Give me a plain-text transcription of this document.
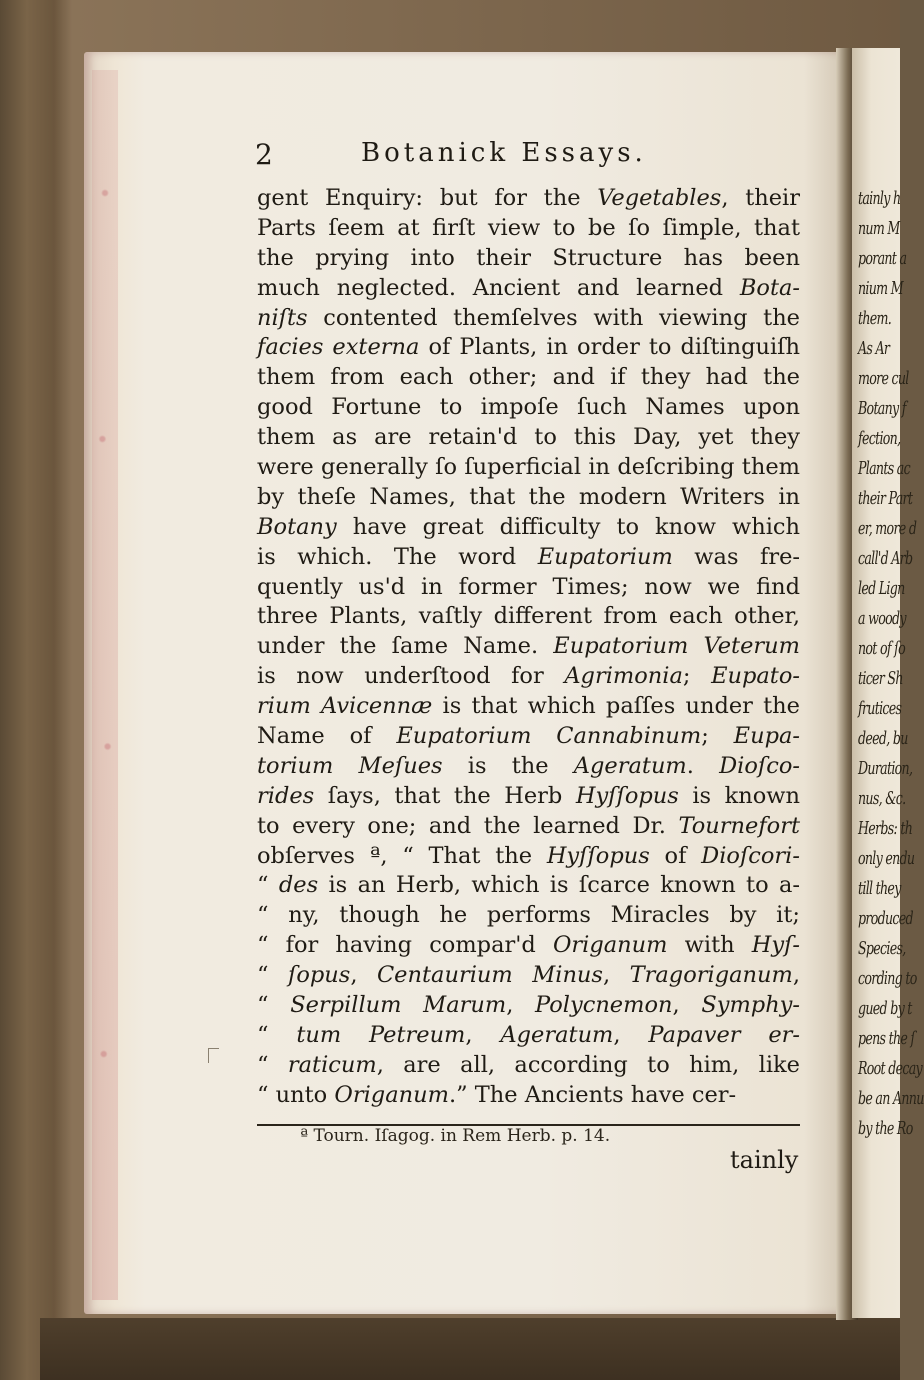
tainly h
num M
porant a
nium M
them.
As Ar
more cul
Botany f
fection,
Plants ac
their Part
er, more d
call'd Arb
led Lign
a woody
not of ſo
ticer Sh
frutices
deed, bu
Duration,
nus, &c.
Herbs: th
only endu
till they
produced
Species,
cording to
gued by t
pens the ſ
Root decay
be an Annu
by the Ro
2	Botanick Essays.
gent Enquiry: but for the Vegetables, their
Parts ſeem at firſt view to be ſo ſimple, that
the prying into their Structure has been
much neglected. Ancient and learned Bota-
niſts contented themſelves with viewing the
facies externa of Plants, in order to diſtinguiſh
them from each other; and if they had the
good Fortune to impoſe ſuch Names upon
them as are retain'd to this Day, yet they
were generally ſo ſuperficial in deſcribing them
by theſe Names, that the modern Writers in
Botany have great difficulty to know which
is which. The word Eupatorium was fre-
quently us'd in former Times; now we find
three Plants, vaſtly different from each other,
under the ſame Name. Eupatorium Veterum
is now underſtood for Agrimonia; Eupato-
rium Avicennæ is that which paſſes under the
Name of Eupatorium Cannabinum; Eupa-
torium Meſues is the Ageratum. Dioſco-
rides ſays, that the Herb Hyſſopus is known
to every one; and the learned Dr. Tournefort
obſerves ª, “ That the Hyſſopus of Dioſcori-
“ des is an Herb, which is ſcarce known to a-
“ ny, though he performs Miracles by it;
“ for having compar'd Origanum with Hyſ-
“ ſopus, Centaurium Minus, Tragoriganum,
“ Serpillum Marum, Polycnemon, Symphy-
“ tum Petreum, Ageratum, Papaver er-
“ raticum, are all, according to him, like
“ unto Origanum.” The Ancients have cer-
ª Tourn. Iſagog. in Rem Herb. p. 14.
tainly
